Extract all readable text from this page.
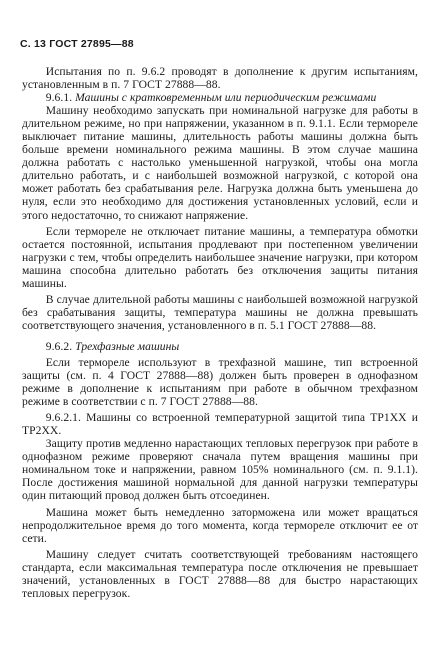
С. 13 ГОСТ 27895—88

Испытания по п. 9.6.2 проводят в дополнение к другим испытаниям, установленным в п. 7 ГОСТ 27888—88.

9.6.1. Машины с кратковременным или периодическим режимами

Машину необходимо запускать при номинальной нагрузке для работы в длительном режиме, но при напряжении, указанном в п. 9.1.1. Если термореле выключает питание машины, длительность работы машины должна быть больше времени номинального режима машины. В этом случае машина должна работать с настолько уменьшенной нагрузкой, чтобы она могла длительно работать, и с наибольшей возможной нагрузкой, с которой она может работать без срабатывания реле. Нагрузка должна быть уменьшена до нуля, если это необходимо для достижения установленных условий, если и этого недостаточно, то снижают напряжение.

Если термореле не отключает питание машины, а температура обмотки остается постоянной, испытания продлевают при постепенном увеличении нагрузки с тем, чтобы определить наибольшее значение нагрузки, при котором машина способна длительно работать без отключения защиты питания машины.

В случае длительной работы машины с наибольшей возможной нагрузкой без срабатывания защиты, температура машины не должна превышать соответствующего значения, установленного в п. 5.1 ГОСТ 27888—88.

9.6.2. Трехфазные машины

Если термореле используют в трехфазной машине, тип встроенной защиты (см. п. 4 ГОСТ 27888—88) должен быть проверен в однофазном режиме в дополнение к испытаниям при работе в обычном трехфазном режиме в соответствии с п. 7 ГОСТ 27888—88.

9.6.2.1. Машины со встроенной температурной защитой типа ТР1ХХ и ТР2ХХ.

Защиту против медленно нарастающих тепловых перегрузок при работе в однофазном режиме проверяют сначала путем вращения машины при номинальном токе и напряжении, равном 105% номинального (см. п. 9.1.1). После достижения машиной нормальной для данной нагрузки температуры один питающий провод должен быть отсоединен.

Машина может быть немедленно заторможена или может вращаться непродолжительное время до того момента, когда термореле отключит ее от сети.

Машину следует считать соответствующей требованиям настоящего стандарта, если максимальная температура после отключения не превышает значений, установленных в ГОСТ 27888—88 для быстро нарастающих тепловых перегрузок.
